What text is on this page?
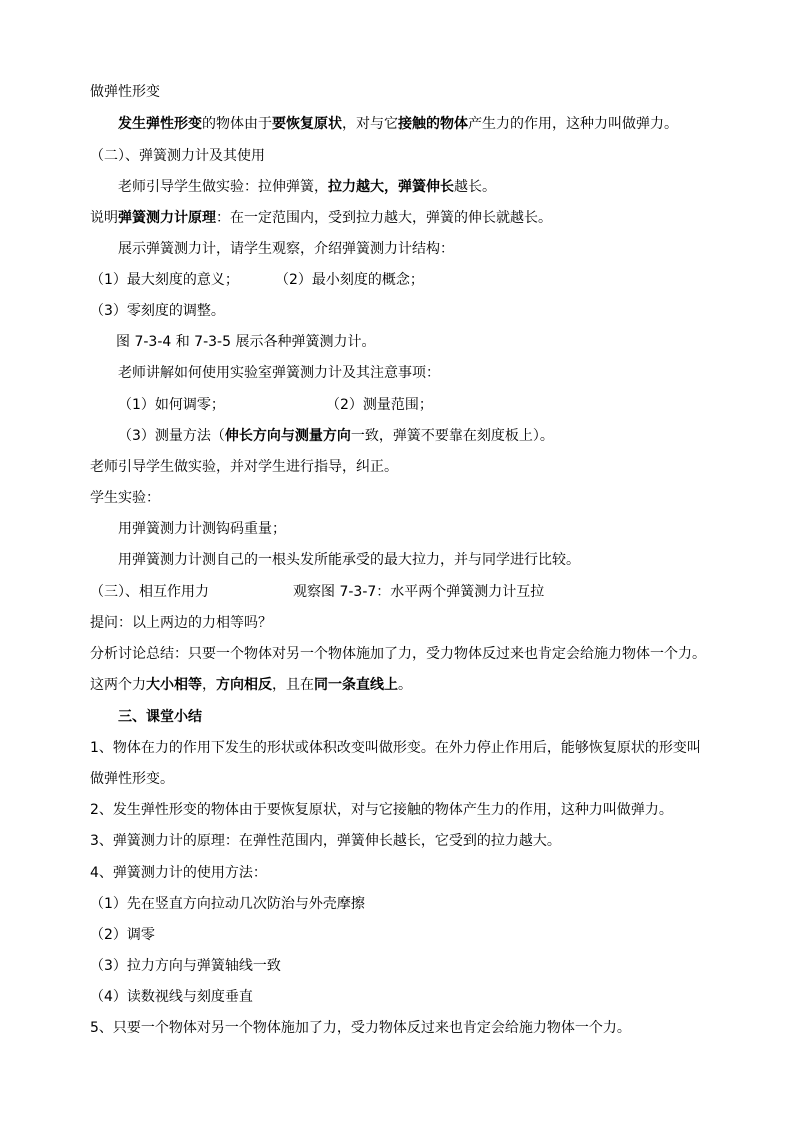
做弹性形变
发生弹性形变的物体由于要恢复原状，对与它接触的物体产生力的作用，这种力叫做弹力。
（二）、弹簧测力计及其使用
老师引导学生做实验：拉伸弹簧，拉力越大，弹簧伸长越长。
说明弹簧测力计原理：在一定范围内，受到拉力越大，弹簧的伸长就越长。
展示弹簧测力计，请学生观察，介绍弹簧测力计结构：
（1）最大刻度的意义；	（2）最小刻度的概念；
（3）零刻度的调整。
图 7-3-4 和 7-3-5 展示各种弹簧测力计。
老师讲解如何使用实验室弹簧测力计及其注意事项：
（1）如何调零；	（2）测量范围；
（3）测量方法（伸长方向与测量方向一致，弹簧不要靠在刻度板上）。
老师引导学生做实验，并对学生进行指导，纠正。
学生实验：
用弹簧测力计测钩码重量；
用弹簧测力计测自己的一根头发所能承受的最大拉力，并与同学进行比较。
（三）、相互作用力	观察图 7-3-7：水平两个弹簧测力计互拉
提问：以上两边的力相等吗？
分析讨论总结：只要一个物体对另一个物体施加了力，受力物体反过来也肯定会给施力物体一个力。
这两个力大小相等，方向相反，且在同一条直线上。
三、课堂小结
1、物体在力的作用下发生的形状或体积改变叫做形变。在外力停止作用后，能够恢复原状的形变叫
做弹性形变。
2、发生弹性形变的物体由于要恢复原状，对与它接触的物体产生力的作用，这种力叫做弹力。
3、弹簧测力计的原理：在弹性范围内，弹簧伸长越长，它受到的拉力越大。
4、弹簧测力计的使用方法：
（1）先在竖直方向拉动几次防治与外壳摩擦
（2）调零
（3）拉力方向与弹簧轴线一致
（4）读数视线与刻度垂直
5、只要一个物体对另一个物体施加了力，受力物体反过来也肯定会给施力物体一个力。
